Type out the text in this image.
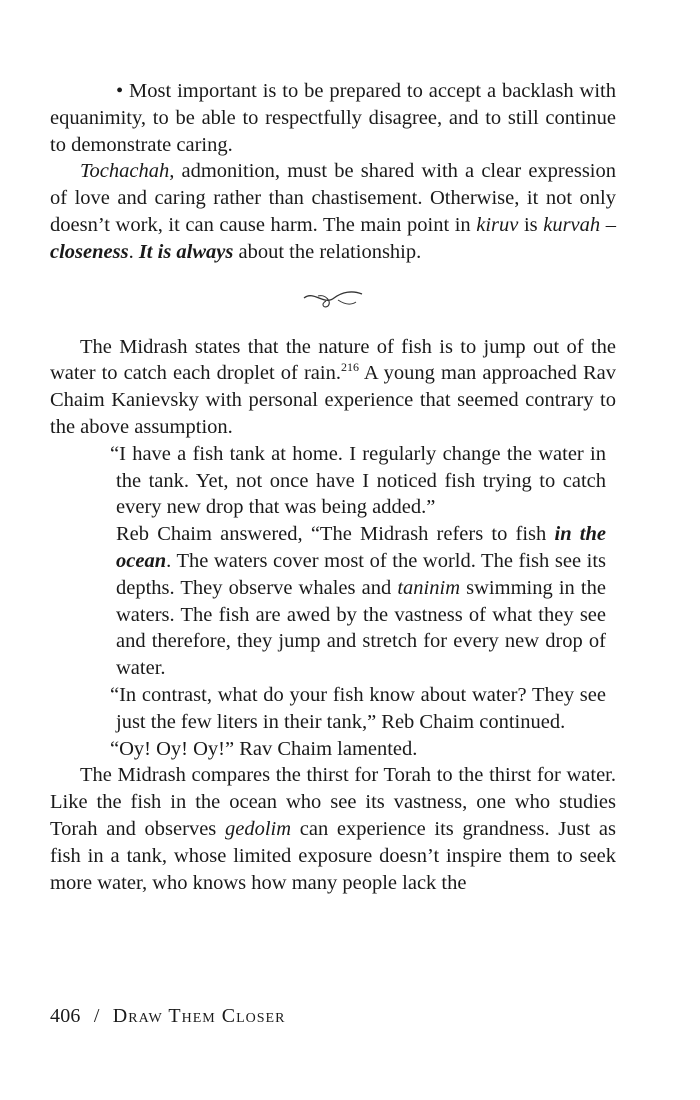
• Most important is to be prepared to accept a backlash with equanimity, to be able to respectfully disagree, and to still continue to demonstrate caring.

Tochachah, admonition, must be shared with a clear expression of love and caring rather than chastisement. Otherwise, it not only doesn’t work, it can cause harm. The main point in kiruv is kurvah – closeness. It is always about the relationship.

The Midrash states that the nature of fish is to jump out of the water to catch each droplet of rain.$^{216}$ A young man approached Rav Chaim Kanievsky with personal experience that seemed contrary to the above assumption.

“I have a fish tank at home. I regularly change the water in the tank. Yet, not once have I noticed fish trying to catch every new drop that was being added.”

Reb Chaim answered, “The Midrash refers to fish in the ocean. The waters cover most of the world. The fish see its depths. They observe whales and taninim swimming in the waters. The fish are awed by the vastness of what they see and therefore, they jump and stretch for every new drop of water.

“In contrast, what do your fish know about water? They see just the few liters in their tank,” Reb Chaim continued.

“Oy! Oy! Oy!” Rav Chaim lamented.

The Midrash compares the thirst for Torah to the thirst for water. Like the fish in the ocean who see its vastness, one who studies Torah and observes gedolim can experience its grandness. Just as fish in a tank, whose limited exposure doesn’t inspire them to seek more water, who knows how many people lack the

406 / Draw Them Closer
